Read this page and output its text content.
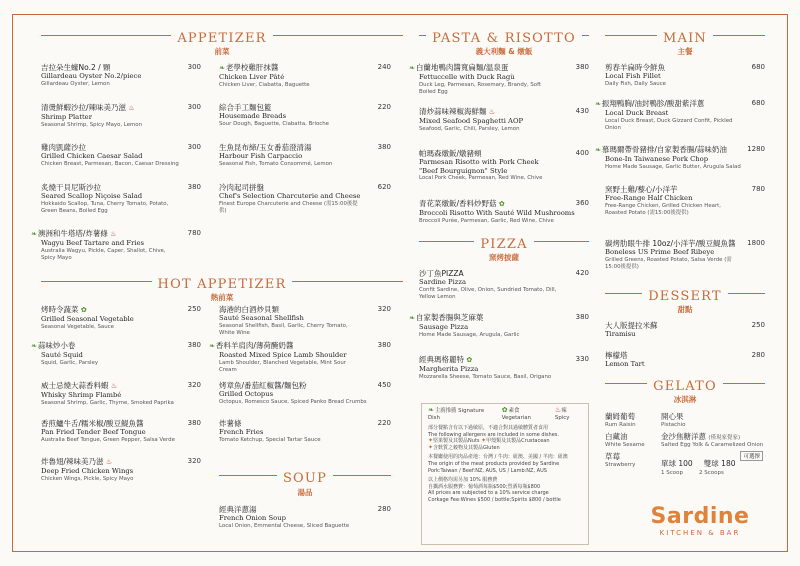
APPETIZER
前菜
吉拉朵生蠔No.2 / 顆
Gillardeau Oyster No.2/piece
Gillardeau Oyster, Lemon
300
清燙鮮蝦沙拉/辣味美乃滋 ♨
Shrimp Platter
Seasonal Shrimp, Spicy Mayo, Lemon
300
雞肉凱薩沙拉
Grilled Chicken Caesar Salad
Chicken Breast, Parmesan, Bacon, Caesar Dressing
300
炙燒干貝尼斯沙拉
Seared Scallop Niçoise Salad
Hokkaido Scallop, Tuna, Cherry Tomato, Potato, Green Beans, Boiled Egg
380
❧澳洲和牛塔塔/炸薯條 ♨
Wagyu Beef Tartare and Fries
Australia Wagyu, Pickle, Caper, Shallot, Chive, Spicy Mayo
780
❧老學校雞肝抹醬
Chicken Liver Pâté
Chicken Liver, Ciabatta, Baguette
240
綜合手工麵包籃
Housemade Breads
Sour Dough, Baguette, Ciabatta, Brioche
220
生魚昆布締/玉女番茄澄清湯
Harbour Fish Carpaccio
Seasonal Fish, Tomato Consommé, Lemon
380
冷肉起司拼盤
Chef's Selection Charcuterie and Cheese
Finest Europe Charcuterie and Cheese (需15:00後提供)
620
HOT APPETIZER
熱前菜
烤時令蔬菜 ✿
Grilled Seasonal Vegetable
Seasonal Vegetable, Sauce
250
❧蒜味炒小卷
Sauté Squid
Squid, Garlic, Parsley
380
威士忌燒大蒜香料蝦 ♨
Whisky Shrimp Flambé
Seasonal Shrimp, Garlic, Thyme, Smoked Paprika
320
香煎鱸牛舌/糯米椒/酸豆鯷魚醬
Pan Fried Tender Beef Tongue
Australia Beef Tongue, Green Pepper, Salsa Verde
380
炸魯翅/辣味美乃滋 ♨
Deep Fried Chicken Wings
Chicken Wings, Pickle, Spicy Mayo
320
海港的白酒炒貝類
Sauté Seasonal Shellfish
Seasonal Shellfish, Basil, Garlic, Cherry Tomato, White Wine
320
❧香料羊肩肉/薄荷醃奶醬
Roasted Mixed Spice Lamb Shoulder
Lamb Shoulder, Blanched Vegetable, Mint Sour Cream
380
烤章魚/番茄紅椒醬/麵包粉
Grilled Octopus
Octopus, Romesco Sauce, Spiced Panko Bread Crumbs
450
炸薯條
French Fries
Tomato Ketchup, Special Tartar Sauce
220
SOUP
湯品
經典洋蔥湯
French Onion Soup
Local Onion, Emmental Cheese, Sliced Baguette
280
PASTA & RISOTTO
義大利麵 & 燉飯
❧白蘭地鴨肉醬寬扁麵/温泉蛋
Fettuccelle with Duck Ragù
Duck Leg, Parmesan, Rosemary, Brandy, Soft Boiled Egg
380
清炒蒜味辣椒海鮮麵 ♨
Mixed Seafood Spaghetti AOP
Seafood, Garlic, Chili, Parsley, Lemon
430
帕瑪森燉飯/燉豬頰
Parmesan Risotto with Pork Cheek "Beef Bourguignon" Style
Local Pork Cheek, Parmesan, Red Wine, Chive
400
青花菜燉飯/香料炒野菇 ✿
Broccoli Risotto With Sauté Wild Mushrooms
Broccoli Purée, Parmesan, Garlic, Red Wine, Chive
360
PIZZA
窯烤披薩
沙丁魚PIZZA
Sardine Pizza
Confit Sardine, Olive, Onion, Sundried Tomato, Dill, Yellow Lemon
420
❧自家製香腸與芝麻葉
Sausage Pizza
Home Made Sausage, Arugula, Garlic
380
經典瑪格麗特 ✿
Margherita Pizza
Mozzarella Sheese, Tomato Sauce, Basil, Origano
330
❧主廚推薦 Signature Dish
✿素食 Vegetarian
♨辣 Spicy
部分餐點含有以下過敏原，不適合對其過敏體質者食用
The following allergens are included in some dishes.
✦堅果製及其製品Nuts ✦甲殼類及其製品Crustacean
✦含麩質之穀物及其製品Gluten
本餐廳使用的肉品產地：台灣 / 牛肉：紐澳、美國 / 羊肉：紐澳
The origin of the meat products provided by Sardine
Pork:Taiwan / Beef:NZ, AUS, US / Lamb:NZ, AUS
以上價格均需另加 10% 服務費
自攜酒水服務費：葡萄酒每瓶$500;烈酒每瓶$800
All prices are subjected to a 10% service charge
Corkage Fee:Wines $500 / bottle;Spirits $800 / bottle
MAIN
主餐
剪春羊扁時令鮮魚
Local Fish Fillet
Daily Fish, Daily Sauce
680
❧振翔鴨胸/油封鴨胗/酸甜紫洋蔥
Local Duck Breast
Local Duck Breast, Duck Gizzard Confit, Pickled Onion
680
❧慕瑪爾帶骨豬排/自家製香腸/蒜味奶油
Bone-In Taiwanese Pork Chop
Home Made Sausage, Garlic Butter, Arugula Salad
1280
窯野土雞/藜心/小洋芋
Free-Range Half Chicken
Free-Range Chicken, Grilled Chicken Heart, Roasted Potato (需15:00後提供)
780
碳烤肋眼牛排 10oz/小洋芋/酸豆鯷魚醬
Boneless US Prime Beef Ribeye
Grilled Greens, Roasted Potato, Salsa Verde (需15:00後提供)
1800
DESSERT
甜點
大人版提拉米蘇
Tiramisu
250
檸檬塔
Lemon Tart
280
GELATO
冰淇淋
蘭姆葡萄
Rum Raisin
開心果
Pistachio
白藏油
White Sesame
金沙焦糖洋蔥 (僅現家覺家)
Salted Egg Yolk & Caramelized Onion
草莓
Strawberry	單球 100 雙球 180
1 Scoop	2 Scoops
可選擇
Sardine
KITCHEN & BAR
